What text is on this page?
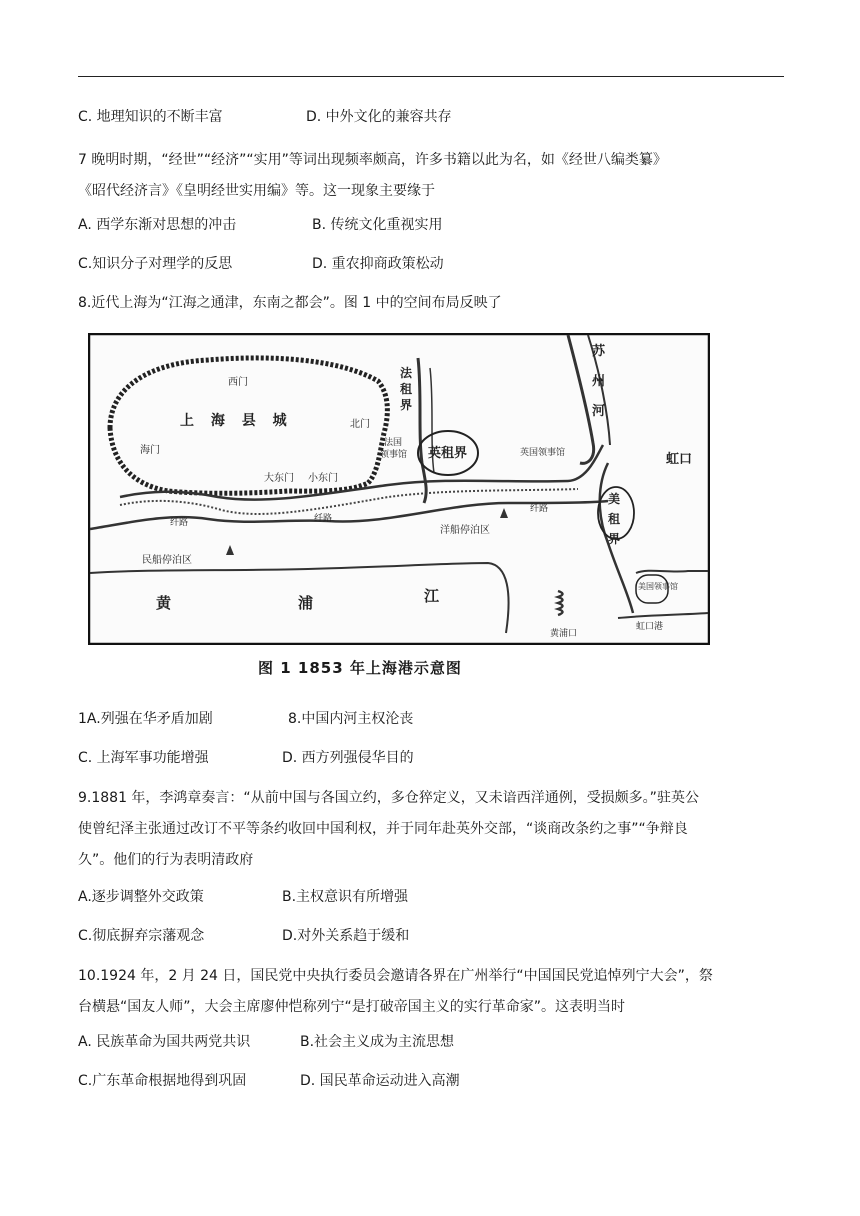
C. 地理知识的不断丰富	D. 中外文化的兼容共存
7 晚明时期，“经世”“经济”“实用”等词出现频率颇高，许多书籍以此为名，如《经世八编类纂》
《昭代经济言》《皇明经世实用编》等。这一现象主要缘于
A. 西学东渐对思想的冲击	B. 传统文化重视实用
C.知识分子对理学的反思	D. 重农抑商政策松动
8.近代上海为“江海之通津，东南之都会”。图 1 中的空间布局反映了
上 海 县 城
西门
北门
海门
大东门 小东门
法
租
界
法国
领事馆 英租界	英国领事馆
苏
州
河
虹口
美
租
界
美国领事馆
虹口港
纤路	纤路
纤路
洋船停泊区
民船停泊区
黄	浦	江
黄浦口
图 1 1853 年上海港示意图
1A.列强在华矛盾加剧	8.中国内河主权沦丧
C. 上海军事功能增强	D. 西方列强侵华目的
9.1881 年，李鸿章奏言：“从前中国与各国立约，多仓猝定义，又未谙西洋通例，受损颇多。”驻英公
使曾纪泽主张通过改订不平等条约收回中国利权，并于同年赴英外交部，“谈商改条约之事”“争辩良
久”。他们的行为表明清政府
A.逐步调整外交政策	B.主权意识有所增强
C.彻底摒弃宗藩观念	D.对外关系趋于缓和
10.1924 年，2 月 24 日，国民党中央执行委员会邀请各界在广州举行“中国国民党追悼列宁大会”，祭
台横悬“国友人师”，大会主席廖仲恺称列宁“是打破帝国主义的实行革命家”。这表明当时
A. 民族革命为国共两党共识	B.社会主义成为主流思想
C.广东革命根据地得到巩固	D. 国民革命运动进入高潮
